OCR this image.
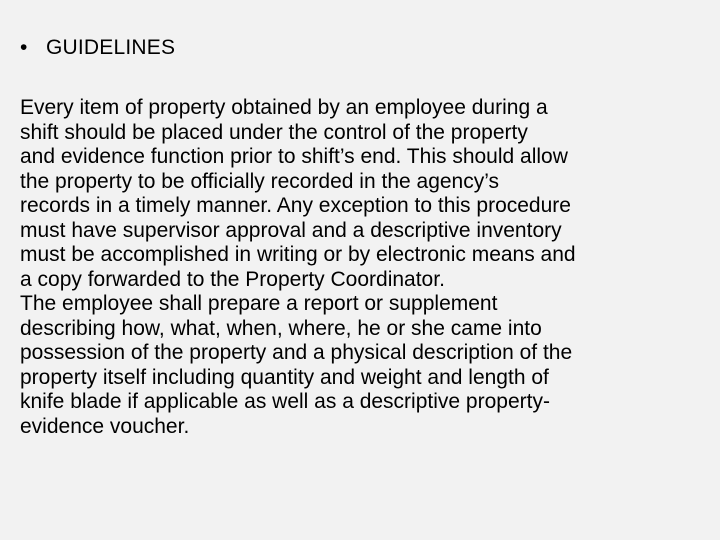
• GUIDELINES

Every item of property obtained by an employee during a
shift should be placed under the control of the property
and evidence function prior to shift’s end. This should allow
the property to be officially recorded in the agency’s
records in a timely manner. Any exception to this procedure
must have supervisor approval and a descriptive inventory
must be accomplished in writing or by electronic means and
a copy forwarded to the Property Coordinator.

The employee shall prepare a report or supplement
describing how, what, when, where, he or she came into
possession of the property and a physical description of the
property itself including quantity and weight and length of
knife blade if applicable as well as a descriptive property-
evidence voucher.
